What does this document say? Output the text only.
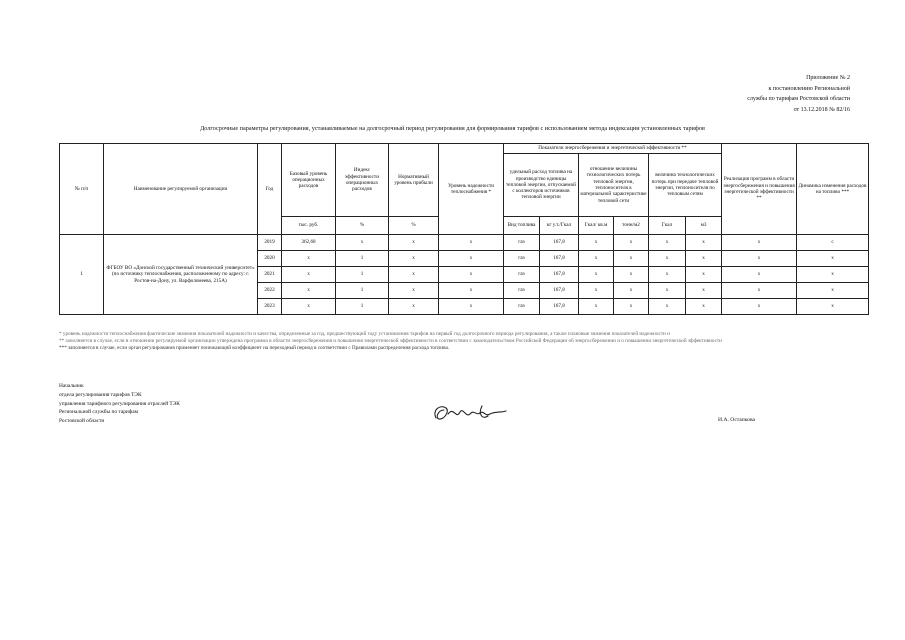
Приложение № 2
к постановлению Региональной
службы по тарифам Ростовской области
от 13.12.2018 № 82/16
Долгосрочные параметры регулирования, устанавливаемые на долгосрочный период регулирования для формирования тарифов с использованием метода индексации установленных тарифов
№ п/п	Наименование регулируемой организации	Год	Базовый уровень операционных расходов	Индекс эффективности операционных расходов	Нормативный уровень прибыли	Уровень надежности теплоснабжения *	Показатели энергосбережения и энергетической эффективности **						Реализация программ в области энергосбережения и повышения энергетической эффективности **	Динамика изменения расходов на топливо ***
							удельный расход топлива на производство единицы тепловой энергии, отпускаемой с коллекторов источников тепловой энергии		отношение величины технологических потерь тепловой энергии, теплоносителя к материальной характеристике тепловой сети		величина технологических потерь при передаче тепловой энергии, теплоносителя по тепловым сетям			
			тыс. руб.	%	%		Вид топлива	кг у.т./Гкал	Гкал/ кв.м	тонн/м2	Гкал	м3		
1	ФГБОУ ВО «Донской государственный технический университет» (по источнику теплоснабжения, расположенному по адресу: г. Ростов-на-Дону, ул. Варфоломеева, 215А)	2019	362,68	x	x	x	газ	167,8	x	x	x	x	x	c
		2020	x	1	x	x	газ	167,8	x	x	x	x	x	x
		2021	x	1	x	x	газ	167,8	x	x	x	x	x	x
		2022	x	1	x	x	газ	167,8	x	x	x	x	x	x
		2023	x	1	x	x	газ	167,8	x	x	x	x	x	x
* уровень надежности теплоснабжения фактические значения показателей надежности и качества, определенные за год, предшествующий году установления тарифов на первый год долгосрочного периода регулирования, а также плановые значения показателей надежности и
** заполняется в случае, если в отношении регулируемой организации утверждена программа в области энергосбережения и повышения энергетической эффективности в соответствии с законодательством Российской Федерации об энергосбережении и о повышении энергетической эффективности
*** заполняется в случае, если орган регулирования применяет понижающий коэффициент на переходный период в соответствии с Правилами распределения расхода топлива.
Начальник
отдела регулирования тарифов ТЭК
управления тарифного регулирования отраслей ТЭК
Региональной службы по тарифам
Ростовской области	И.А. Остапкова
